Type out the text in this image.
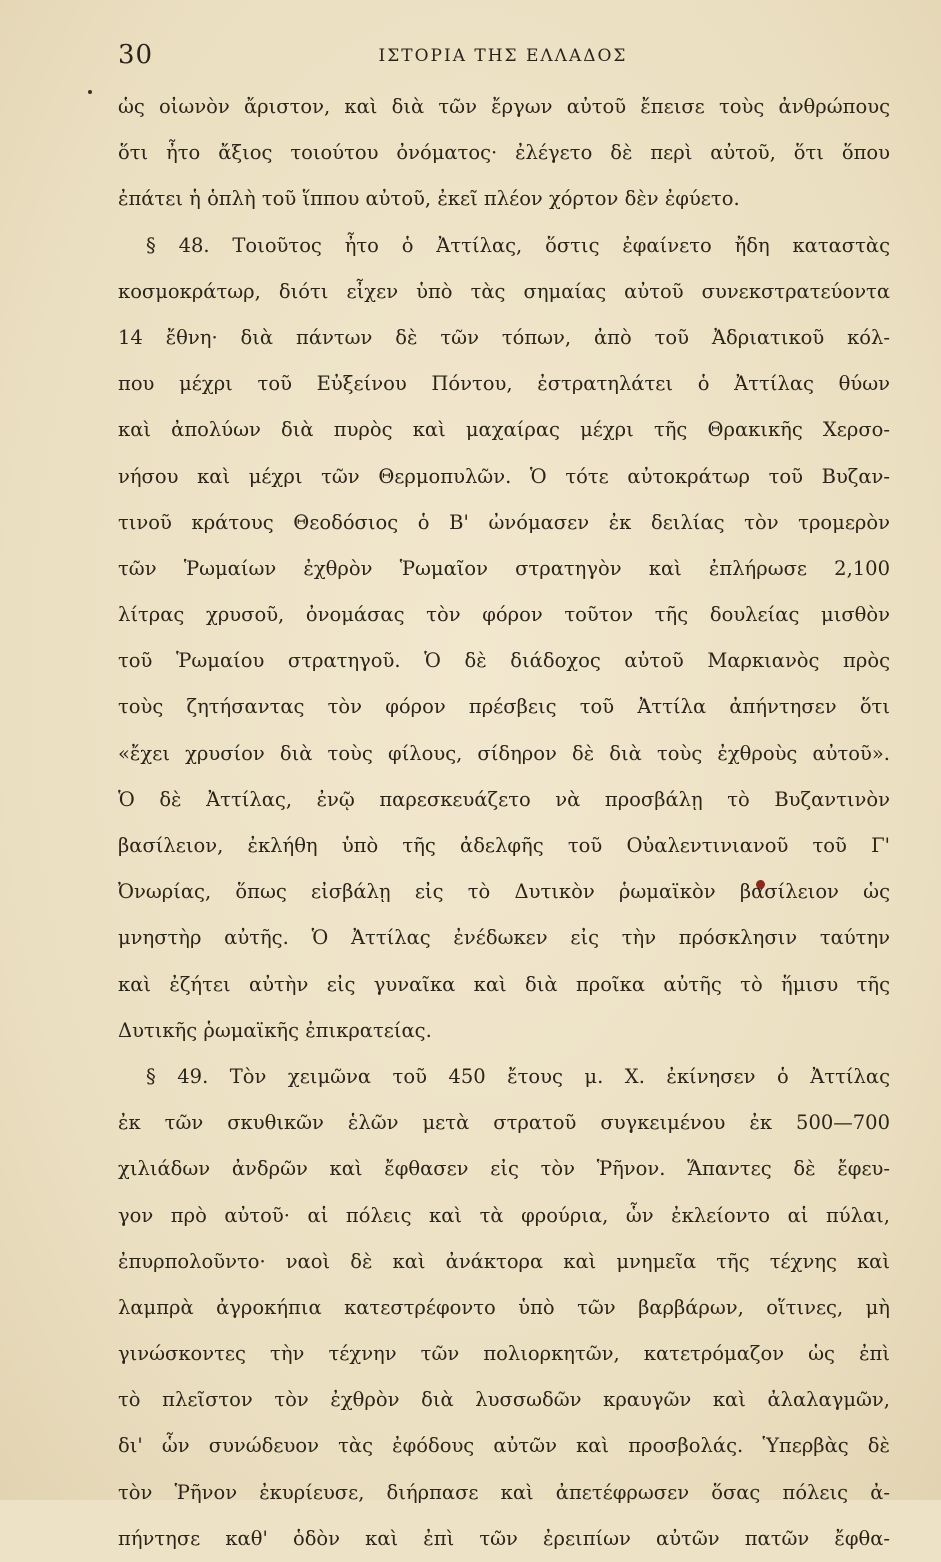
30	ΙΣΤΟΡΙΑ ΤΗΣ ΕΛΛΑΔΟΣ
ὡς οἰωνὸν ἄριστον, καὶ διὰ τῶν ἔργων αὐτοῦ ἔπεισε τοὺς ἀνθρώπους
ὅτι ἦτο ἄξιος τοιούτου ὀνόματος· ἐλέγετο δὲ περὶ αὐτοῦ, ὅτι ὅπου
ἐπάτει ἡ ὁπλὴ τοῦ ἵππου αὐτοῦ, ἐκεῖ πλέον χόρτον δὲν ἐφύετο.
§ 48. Τοιοῦτος ἦτο ὁ Ἀττίλας, ὅστις ἐφαίνετο ἤδη καταστὰς
κοσμοκράτωρ, διότι εἶχεν ὑπὸ τὰς σημαίας αὐτοῦ συνεκστρατεύοντα
14 ἔθνη· διὰ πάντων δὲ τῶν τόπων, ἀπὸ τοῦ Ἀδριατικοῦ κόλ-
που μέχρι τοῦ Εὐξείνου Πόντου, ἐστρατηλάτει ὁ Ἀττίλας θύων
καὶ ἀπολύων διὰ πυρὸς καὶ μαχαίρας μέχρι τῆς Θρακικῆς Χερσο-
νήσου καὶ μέχρι τῶν Θερμοπυλῶν. Ὁ τότε αὐτοκράτωρ τοῦ Βυζαν-
τινοῦ κράτους Θεοδόσιος ὁ Β' ὠνόμασεν ἐκ δειλίας τὸν τρομερὸν
τῶν Ῥωμαίων ἐχθρὸν Ῥωμαῖον στρατηγὸν καὶ ἐπλήρωσε 2,100
λίτρας χρυσοῦ, ὀνομάσας τὸν φόρον τοῦτον τῆς δουλείας μισθὸν
τοῦ Ῥωμαίου στρατηγοῦ. Ὁ δὲ διάδοχος αὐτοῦ Μαρκιανὸς πρὸς
τοὺς ζητήσαντας τὸν φόρον πρέσβεις τοῦ Ἀττίλα ἀπήντησεν ὅτι
«ἔχει χρυσίον διὰ τοὺς φίλους, σίδηρον δὲ διὰ τοὺς ἐχθροὺς αὐτοῦ».
Ὁ δὲ Ἀττίλας, ἐνῷ παρεσκευάζετο νὰ προσβάλῃ τὸ Βυζαντινὸν
βασίλειον, ἐκλήθη ὑπὸ τῆς ἀδελφῆς τοῦ Οὐαλεντινιανοῦ τοῦ Γ'
Ὀνωρίας, ὅπως εἰσβάλῃ εἰς τὸ Δυτικὸν ῥωμαϊκὸν βασίλειον ὡς
μνηστὴρ αὐτῆς. Ὁ Ἀττίλας ἐνέδωκεν εἰς τὴν πρόσκλησιν ταύτην
καὶ ἐζήτει αὐτὴν εἰς γυναῖκα καὶ διὰ προῖκα αὐτῆς τὸ ἥμισυ τῆς
Δυτικῆς ῥωμαϊκῆς ἐπικρατείας.
§ 49. Τὸν χειμῶνα τοῦ 450 ἔτους μ. Χ. ἐκίνησεν ὁ Ἀττίλας
ἐκ τῶν σκυθικῶν ἑλῶν μετὰ στρατοῦ συγκειμένου ἐκ 500—700
χιλιάδων ἀνδρῶν καὶ ἔφθασεν εἰς τὸν Ῥῆνον. Ἅπαντες δὲ ἔφευ-
γον πρὸ αὐτοῦ· αἱ πόλεις καὶ τὰ φρούρια, ὧν ἐκλείοντο αἱ πύλαι,
ἐπυρπολοῦντο· ναοὶ δὲ καὶ ἀνάκτορα καὶ μνημεῖα τῆς τέχνης καὶ
λαμπρὰ ἀγροκήπια κατεστρέφοντο ὑπὸ τῶν βαρβάρων, οἵτινες, μὴ
γινώσκοντες τὴν τέχνην τῶν πολιορκητῶν, κατετρόμαζον ὡς ἐπὶ
τὸ πλεῖστον τὸν ἐχθρὸν διὰ λυσσωδῶν κραυγῶν καὶ ἀλαλαγμῶν,
δι' ὧν συνώδευον τὰς ἐφόδους αὐτῶν καὶ προσβολάς. Ὑπερβὰς δὲ
τὸν Ῥῆνον ἐκυρίευσε, διήρπασε καὶ ἀπετέφρωσεν ὅσας πόλεις ἀ-
πήντησε καθ' ὁδὸν καὶ ἐπὶ τῶν ἐρειπίων αὐτῶν πατῶν ἔφθα-
